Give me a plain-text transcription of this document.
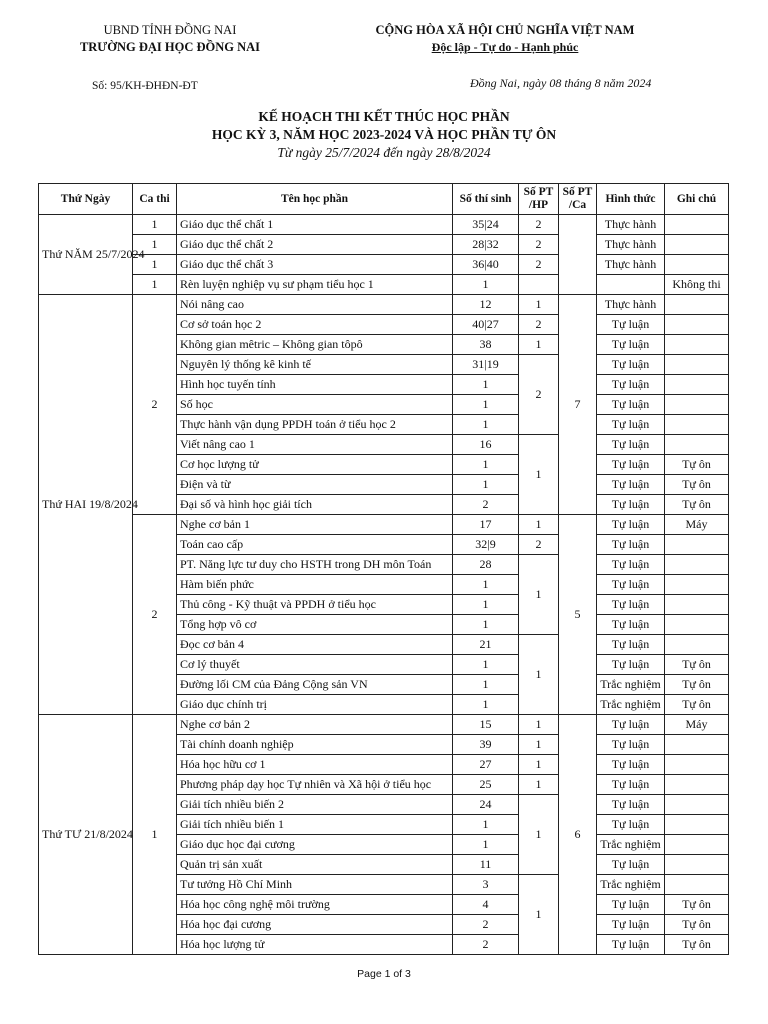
UBND TỈNH ĐỒNG NAI
TRƯỜNG ĐẠI HỌC ĐỒNG NAI
CỘNG HÒA XÃ HỘI CHỦ NGHĨA VIỆT NAM
Độc lập - Tự do - Hạnh phúc
Số: 95/KH-ĐHĐN-ĐT	Đồng Nai, ngày 08 tháng 8 năm 2024
KẾ HOẠCH THI KẾT THÚC HỌC PHẦN
HỌC KỲ 3, NĂM HỌC 2023-2024 VÀ HỌC PHẦN TỰ ÔN
Từ ngày 25/7/2024 đến ngày 28/8/2024
Thứ Ngày	Ca thi	Tên học phần	Số thí sinh	Số PT /HP	Số PT /Ca	Hình thức	Ghi chú
Thứ NĂM 25/7/2024	1	Giáo dục thể chất 1	35|24	2		Thực hành	
	1	Giáo dục thể chất 2	28|32	2		Thực hành	
	1	Giáo dục thể chất 3	36|40	2		Thực hành	
	1	Rèn luyện nghiệp vụ sư phạm tiểu học 1	1				Không thi
Thứ HAI 19/8/2024	2	Nói nâng cao	12	1	7	Thực hành	
		Cơ sở toán học 2	40|27	2		Tự luận	
		Không gian mêtric – Không gian tôpô	38	1		Tự luận	
		Nguyên lý thống kê kinh tế	31|19	2		Tự luận	
		Hình học tuyến tính	1			Tự luận	
		Số học	1			Tự luận	
		Thực hành vận dụng PPDH toán ở tiểu học 2	1			Tự luận	
		Viết nâng cao 1	16	1		Tự luận	
		Cơ học lượng tử	1			Tự luận	Tự ôn
		Điện và từ	1			Tự luận	Tự ôn
		Đại số và hình học giải tích	2			Tự luận	Tự ôn
	2	Nghe cơ bản 1	17	1	5	Tự luận	Máy
		Toán cao cấp	32|9	2		Tự luận	
		PT. Năng lực tư duy cho HSTH trong DH môn Toán	28	1		Tự luận	
		Hàm biến phức	1			Tự luận	
		Thủ công - Kỹ thuật và PPDH ở tiểu học	1			Tự luận	
		Tổng hợp vô cơ	1			Tự luận	
		Đọc cơ bản 4	21	1		Tự luận	
		Cơ lý thuyết	1			Tự luận	Tự ôn
		Đường lối CM của Đảng Cộng sản VN	1			Trắc nghiệm	Tự ôn
		Giáo dục chính trị	1			Trắc nghiệm	Tự ôn
Thứ TƯ 21/8/2024	1	Nghe cơ bản 2	15	1	6	Tự luận	Máy
		Tài chính doanh nghiệp	39	1		Tự luận	
		Hóa học hữu cơ 1	27	1		Tự luận	
		Phương pháp dạy học Tự nhiên và Xã hội ở tiểu học	25	1		Tự luận	
		Giải tích nhiều biến 2	24	1		Tự luận	
		Giải tích nhiều biến 1	1			Tự luận	
		Giáo dục học đại cương	1			Trắc nghiệm	
		Quản trị sản xuất	11			Tự luận	
		Tư tưởng Hồ Chí Minh	3	1		Trắc nghiệm	
		Hóa học công nghệ môi trường	4			Tự luận	Tự ôn
		Hóa học đại cương	2			Tự luận	Tự ôn
		Hóa học lượng tử	2			Tự luận	Tự ôn
Page 1 of 3
